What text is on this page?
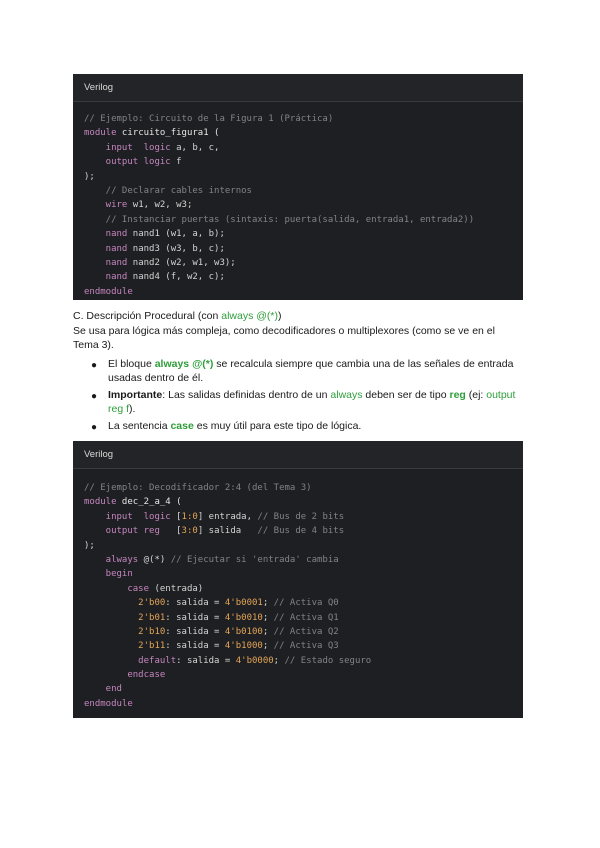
Verilog
// Ejemplo: Circuito de la Figura 1 (Práctica)
module circuito_figura1 (
input  logic a, b, c,
output logic f
);
// Declarar cables internos
wire w1, w2, w3;
// Instanciar puertas (sintaxis: puerta(salida, entrada1, entrada2))
nand nand1 (w1, a, b);
nand nand3 (w3, b, c);
nand nand2 (w2, w1, w3);
nand nand4 (f, w2, c);
endmodule
C. Descripción Procedural (con always @(*))
Se usa para lógica más compleja, como decodificadores o multiplexores (como se ve en el Tema 3).
● El bloque always @(*) se recalcula siempre que cambia una de las señales de entrada usadas dentro de él.
● Importante: Las salidas definidas dentro de un always deben ser de tipo reg (ej: output reg f).
● La sentencia case es muy útil para este tipo de lógica.
Verilog
// Ejemplo: Decodificador 2:4 (del Tema 3)
module dec_2_a_4 (
input  logic [1:0] entrada, // Bus de 2 bits
output reg   [3:0] salida   // Bus de 4 bits
);
always @(*) // Ejecutar si 'entrada' cambia
begin
case (entrada)
2'b00: salida = 4'b0001; // Activa Q0
2'b01: salida = 4'b0010; // Activa Q1
2'b10: salida = 4'b0100; // Activa Q2
2'b11: salida = 4'b1000; // Activa Q3
default: salida = 4'b0000; // Estado seguro
endcase
end
endmodule
